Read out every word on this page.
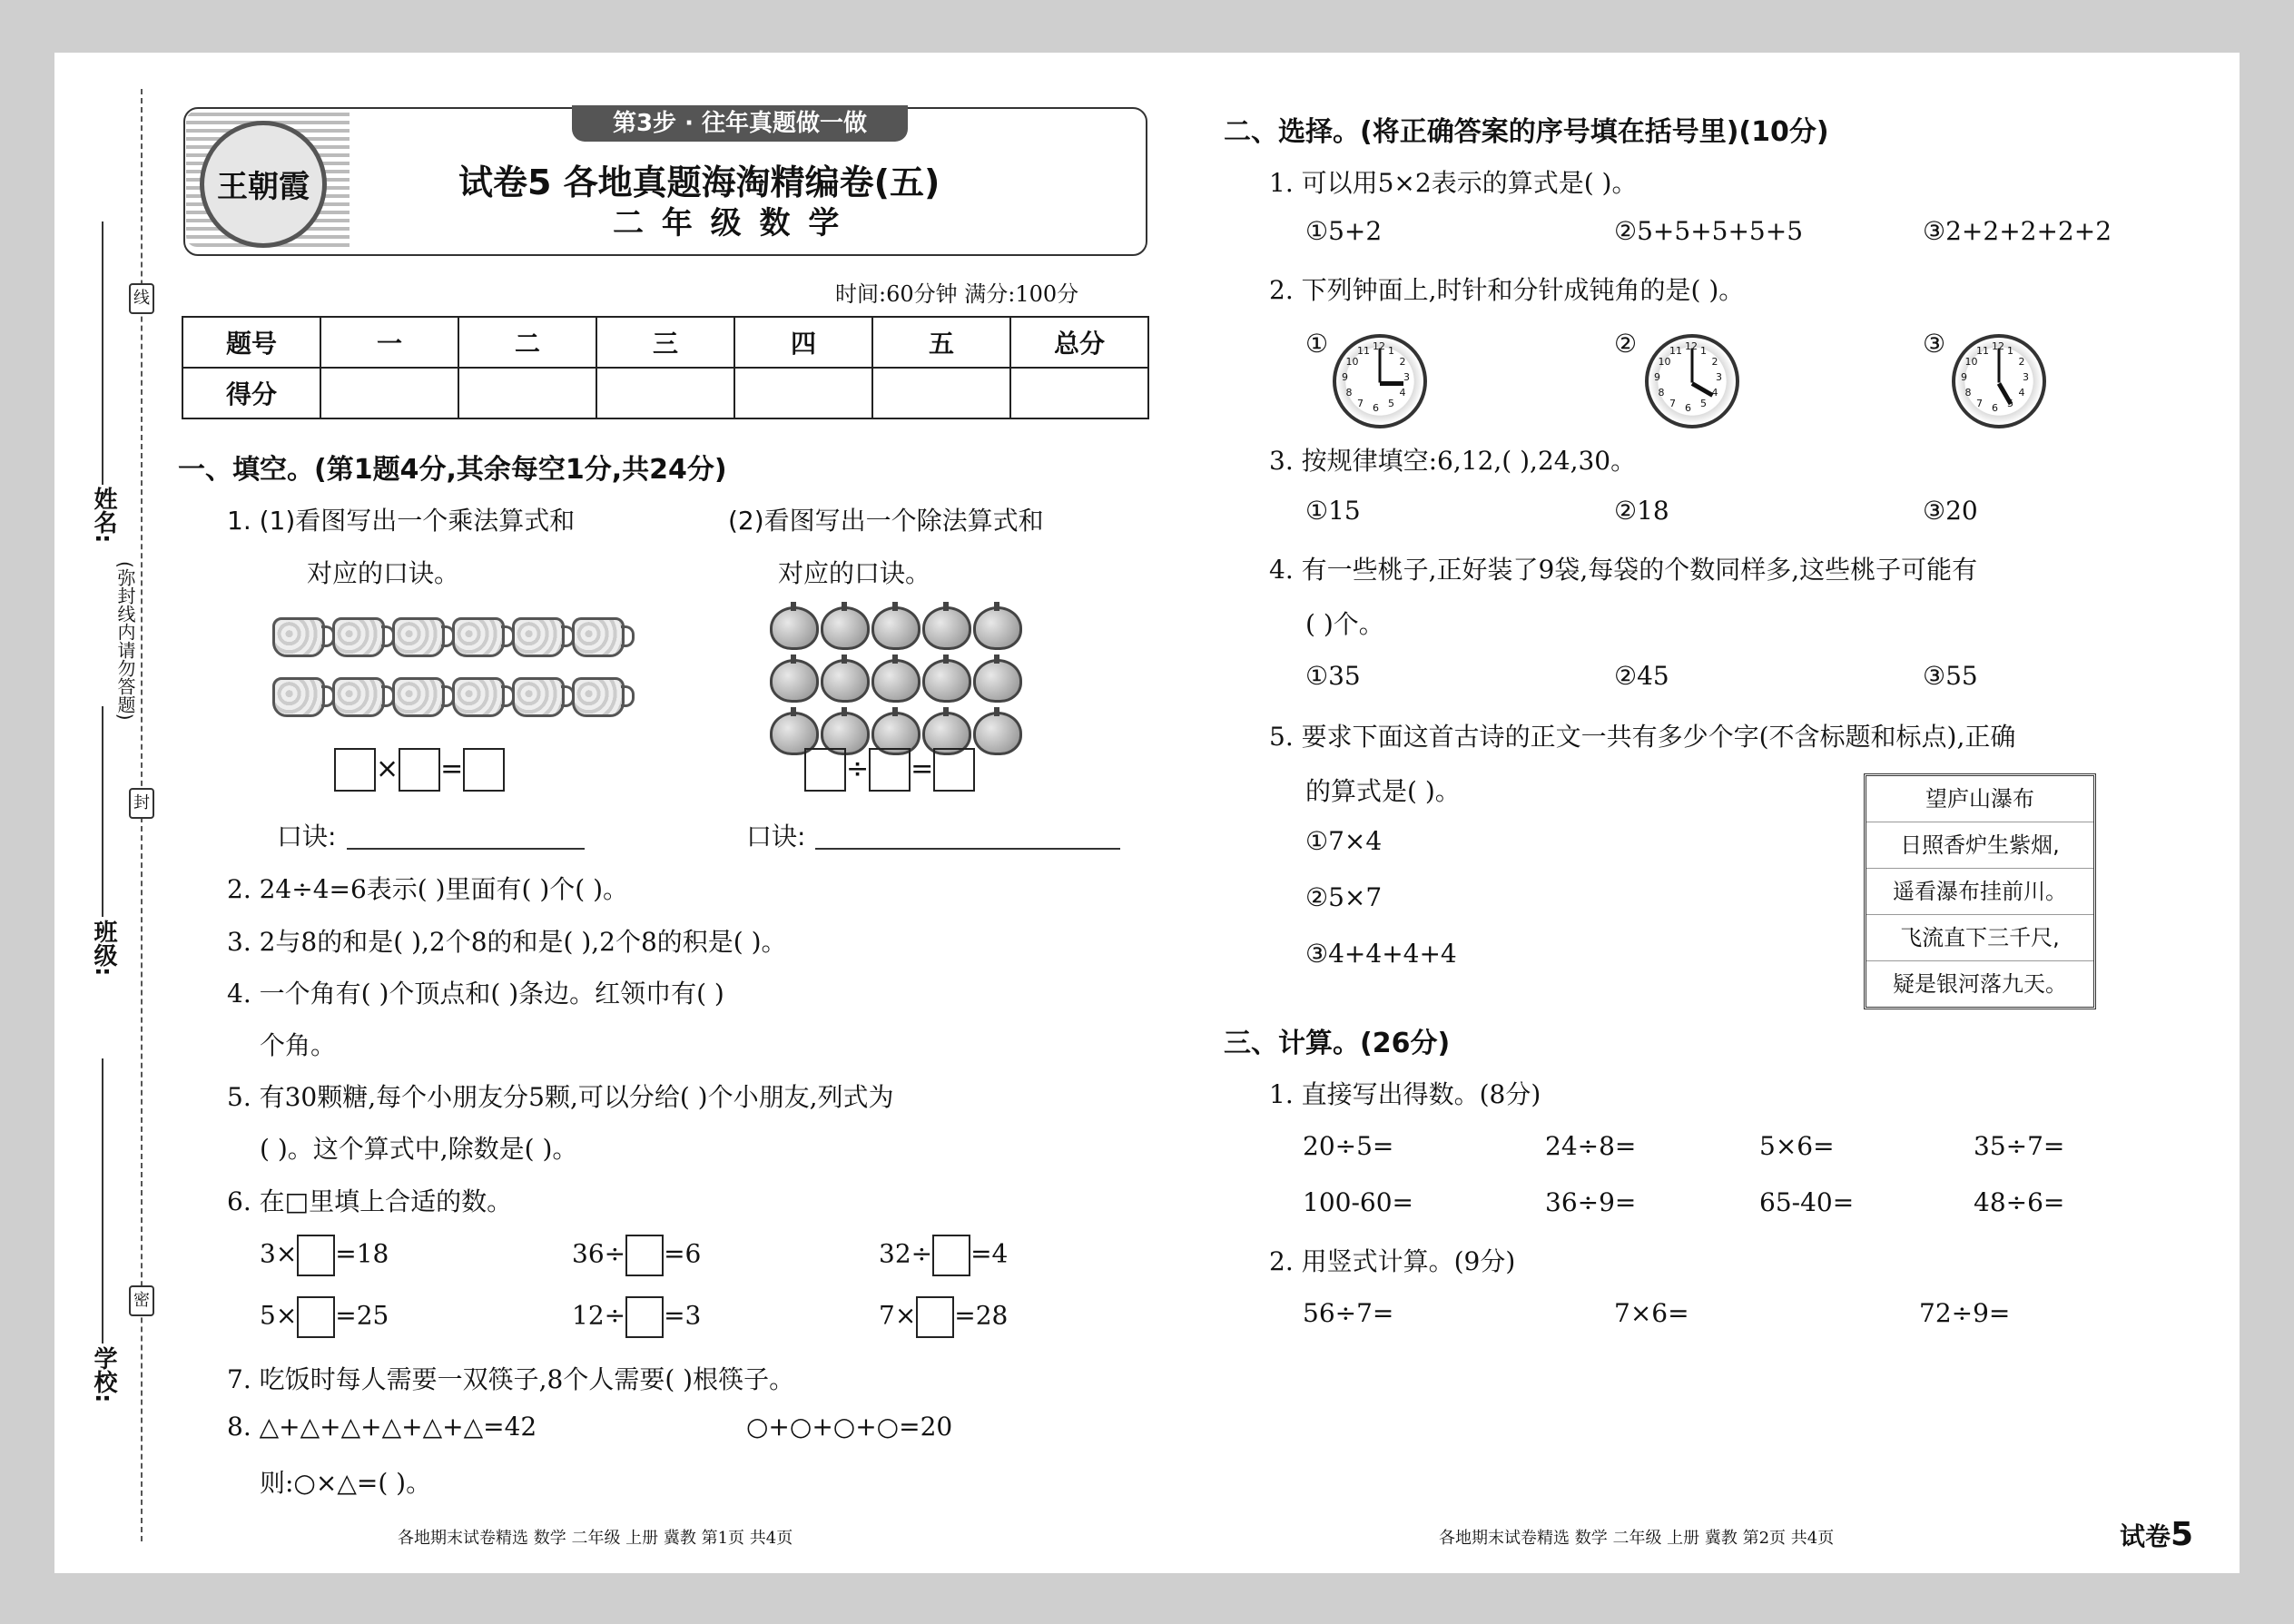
线
封
密
姓名:
(弥封线内请勿答题)
班级:
学校:
王朝霞
第3步 · 往年真题做一做
试卷5 各地真题海淘精编卷(五)
二 年 级 数 学
时间:60分钟 满分:100分
题号	一	二	三	四	五	总分
得分						
一、填空。(第1题4分,其余每空1分,共24分)
1. (1)看图写出一个乘法算式和
对应的口诀。
(2)看图写出一个除法算式和
对应的口诀。
× =	÷ =
口诀:	口诀:
2. 24÷4=6表示( )里面有( )个( )。
3. 2与8的和是( ),2个8的和是( ),2个8的积是( )。
4. 一个角有( )个顶点和( )条边。红领巾有( )
个角。
5. 有30颗糖,每个小朋友分5颗,可以分给( )个小朋友,列式为
( )。这个算式中,除数是( )。
6. 在□里填上合适的数。
3× =18	36÷ =6	32÷ =4
5× =25	12÷ =3	7× =28
7. 吃饭时每人需要一双筷子,8个人需要( )根筷子。
8. △+△+△+△+△+△=42	○+○+○+○=20
则:○×△=( )。
二、选择。(将正确答案的序号填在括号里)(10分)
1. 可以用5×2表示的算式是( )。
①5+2	②5+5+5+5+5	③2+2+2+2+2
2. 下列钟面上,时针和分针成钝角的是( )。
①	②	③
12 1
2
3
4
5
6
7
8
9
10
11	12 1
2
3
4
5
6
7
8
9
10
11	12 1
2
3
4
5
6
7
8
9
10
11
3. 按规律填空:6,12,( ),24,30。
①15	②18	③20
4. 有一些桃子,正好装了9袋,每袋的个数同样多,这些桃子可能有
( )个。
①35	②45	③55
5. 要求下面这首古诗的正文一共有多少个字(不含标题和标点),正确
的算式是( )。
①7×4
②5×7
③4+4+4+4
望庐山瀑布
日照香炉生紫烟,
遥看瀑布挂前川。
飞流直下三千尺,
疑是银河落九天。
三、计算。(26分)
1. 直接写出得数。(8分)
20÷5=	24÷8=	5×6=	35÷7=
100-60=	36÷9=	65-40=	48÷6=
2. 用竖式计算。(9分)
56÷7=	7×6=	72÷9=
各地期末试卷精选 数学 二年级 上册 冀教 第1页 共4页	各地期末试卷精选 数学 二年级 上册 冀教 第2页 共4页	试卷5
